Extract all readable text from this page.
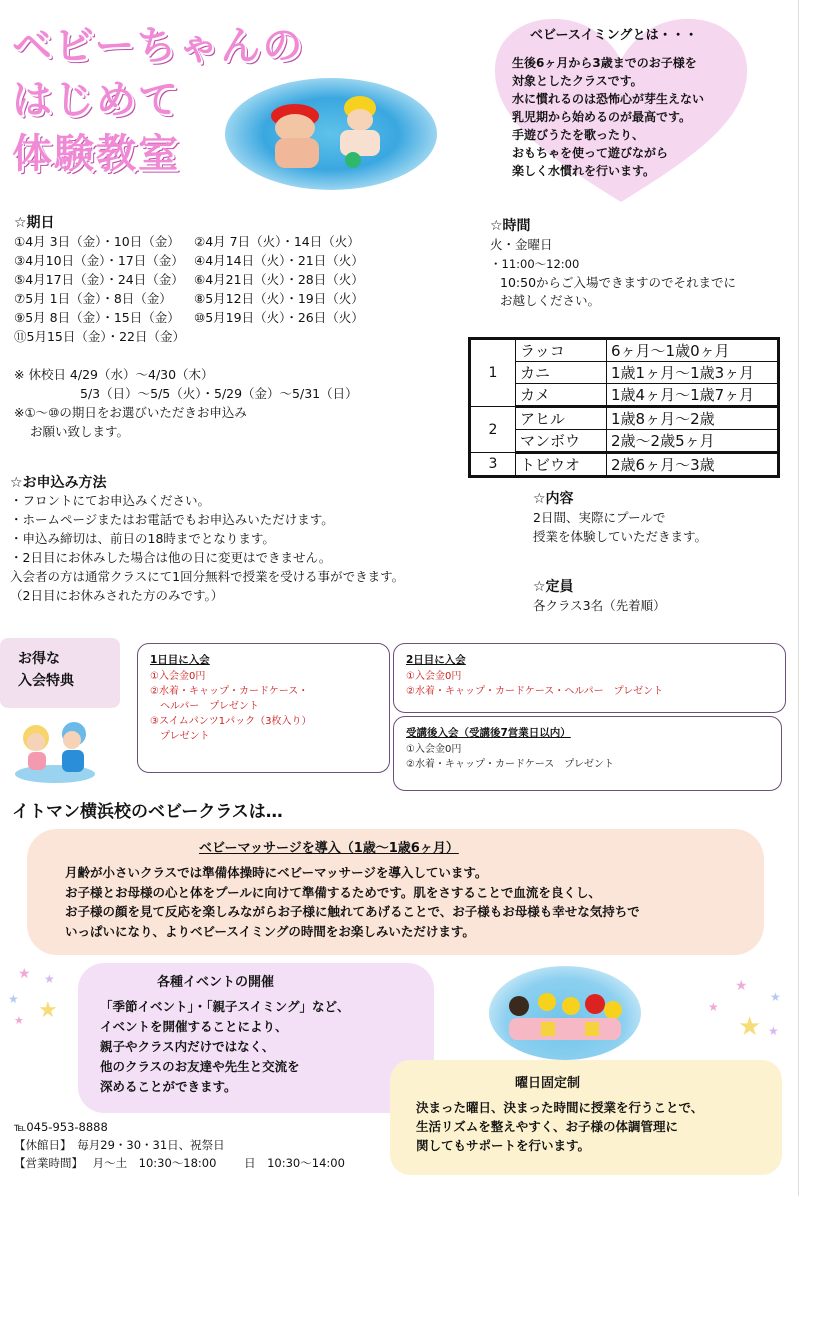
ベビーちゃんの
はじめて
体験教室
ベビースイミングとは・・・
生後6ヶ月から3歳までのお子様を
対象としたクラスです。
水に慣れるのは恐怖心が芽生えない
乳児期から始めるのが最高です。
手遊びうたを歌ったり、
おもちゃを使って遊びながら
楽しく水慣れを行います。
☆期日
①4月 3日（金）・10日（金） ②4月 7日（火）・14日（火）
③4月10日（金）・17日（金） ④4月14日（火）・21日（火）
⑤4月17日（金）・24日（金） ⑥4月21日（火）・28日（火）
⑦5月 1日（金）・8日（金） ⑧5月12日（火）・19日（火）
⑨5月 8日（金）・15日（金） ⑩5月19日（火）・26日（火）
⑪5月15日（金）・22日（金）
※ 休校日 4/29（水）～4/30（木）
5/3（日）～5/5（火）・5/29（金）～5/31（日）
※①～⑩の期日をお選びいただきお申込み
お願い致します。
☆時間
火・金曜日
・11:00～12:00
10:50からご入場できますのでそれまでに
お越しください。
1	ラッコ	6ヶ月～1歳0ヶ月
	カニ	1歳1ヶ月～1歳3ヶ月
	カメ	1歳4ヶ月～1歳7ヶ月
2	アヒル	1歳8ヶ月～2歳
	マンボウ	2歳～2歳5ヶ月
3	トビウオ	2歳6ヶ月～3歳
☆お申込み方法
・フロントにてお申込みください。
・ホームページまたはお電話でもお申込みいただけます。
・申込み締切は、前日の18時までとなります。
・2日目にお休みした場合は他の日に変更はできません。
入会者の方は通常クラスにて1回分無料で授業を受ける事ができます。
（2日目にお休みされた方のみです。）
☆内容
2日間、実際にプールで
授業を体験していただきます。
☆定員
各クラス3名（先着順）
お得な
入会特典
1日目に入会
①入会金0円
②水着・キャップ・カードケース・
　ヘルパー　プレゼント
③スイムパンツ1パック（3枚入り）
　プレゼント
2日目に入会
①入会金0円
②水着・キャップ・カードケース・ヘルパー　プレゼント
受講後入会（受講後7営業日以内）
①入会金0円
②水着・キャップ・カードケース　プレゼント
イトマン横浜校のベビークラスは…
ベビーマッサージを導入（1歳～1歳6ヶ月）
月齢が小さいクラスでは準備体操時にベビーマッサージを導入しています。
お子様とお母様の心と体をプールに向けて準備するためです。肌をさすることで血流を良くし、
お子様の顔を見て反応を楽しみながらお子様に触れてあげることで、お子様もお母様も幸せな気持ちで
いっぱいになり、よりベビースイミングの時間をお楽しみいただけます。
★ ★
★ ★
★
★
★
★
★ ★
各種イベントの開催
「季節イベント」・「親子スイミング」など、
イベントを開催することにより、
親子やクラス内だけではなく、
他のクラスのお友達や先生と交流を
深めることができます。	曜日固定制
決まった曜日、決まった時間に授業を行うことで、
生活リズムを整えやすく、お子様の体調管理に
関してもサポートを行います。
℡045-953-8888
【休館日】　毎月29・30・31日、祝祭日
【営業時間】 月～土　10:30～18:00 日　10:30～14:00
